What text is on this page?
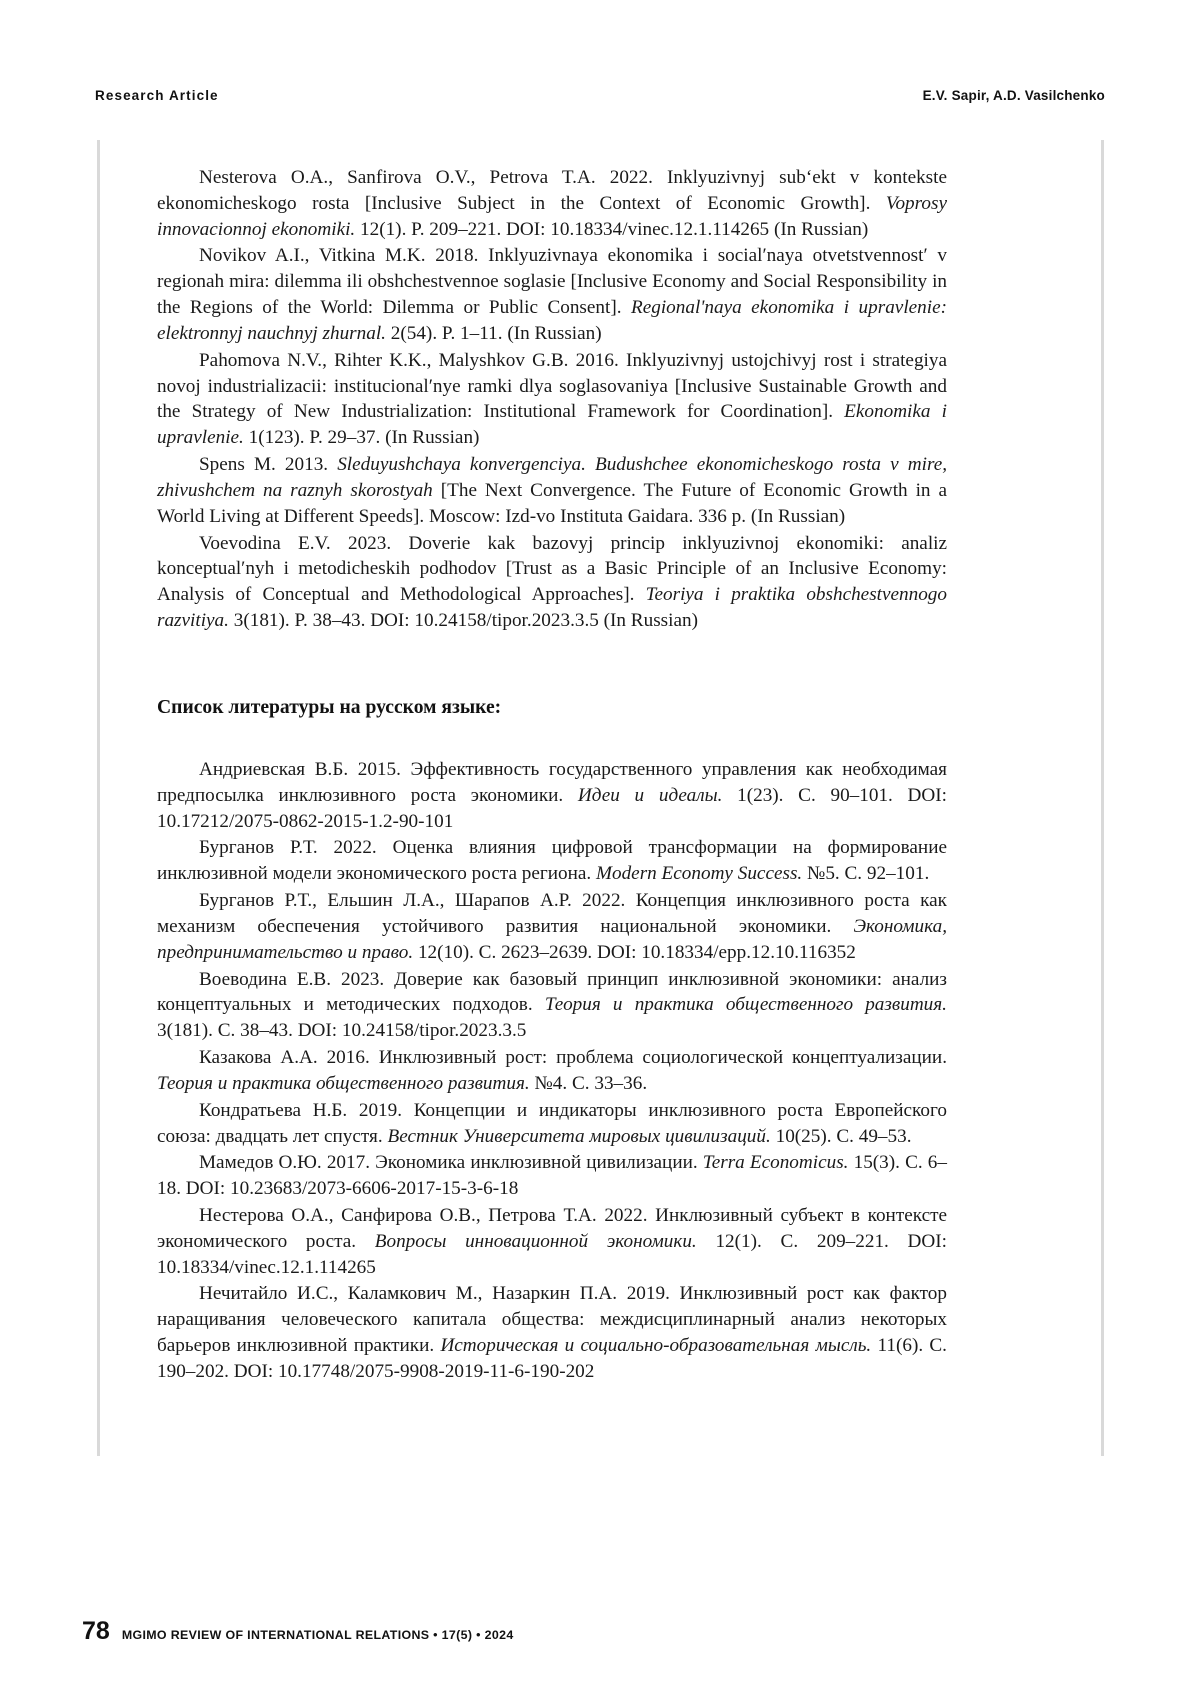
Research Article	E.V. Sapir, A.D. Vasilchenko

Nesterova O.A., Sanfirova O.V., Petrova T.A. 2022. Inklyuzivnyj subʻekt v kontekste ekonomicheskogo rosta [Inclusive Subject in the Context of Economic Growth]. Voprosy innovacionnoj ekonomiki. 12(1). P. 209–221. DOI: 10.18334/vinec.12.1.114265 (In Russian)

Novikov A.I., Vitkina M.K. 2018. Inklyuzivnaya ekonomika i socialʹnaya otvetstvennostʹ v regionah mira: dilemma ili obshchestvennoe soglasie [Inclusive Economy and Social Responsibility in the Regions of the World: Dilemma or Public Consent]. Regionalʹnaya ekonomika i upravlenie: elektronnyj nauchnyj zhurnal. 2(54). P. 1–11. (In Russian)

Pahomova N.V., Rihter K.K., Malyshkov G.B. 2016. Inklyuzivnyj ustojchivyj rost i strategiya novoj industrializacii: institucionalʹnye ramki dlya soglasovaniya [Inclusive Sustainable Growth and the Strategy of New Industrialization: Institutional Framework for Coordination]. Ekonomika i upravlenie. 1(123). P. 29–37. (In Russian)

Spens M. 2013. Sleduyushchaya konvergenciya. Budushchee ekonomicheskogo rosta v mire, zhivushchem na raznyh skorostyah [The Next Convergence. The Future of Economic Growth in a World Living at Different Speeds]. Moscow: Izd-vo Instituta Gaidara. 336 p. (In Russian)

Voevodina E.V. 2023. Doverie kak bazovyj princip inklyuzivnoj ekonomiki: analiz konceptualʹnyh i metodicheskih podhodov [Trust as a Basic Principle of an Inclusive Economy: Analysis of Conceptual and Methodological Approaches]. Teoriya i praktika obshchestvennogo razvitiya. 3(181). P. 38–43. DOI: 10.24158/tipor.2023.3.5 (In Russian)

Список литературы на русском языке:

Андриевская В.Б. 2015. Эффективность государственного управления как необходимая предпосылка инклюзивного роста экономики. Идеи и идеалы. 1(23). С. 90–101. DOI: 10.17212/2075-0862-2015-1.2-90-101

Бурганов Р.Т. 2022. Оценка влияния цифровой трансформации на формирование инклюзивной модели экономического роста региона. Modern Economy Success. №5. С. 92–101.

Бурганов Р.Т., Ельшин Л.А., Шарапов А.Р. 2022. Концепция инклюзивного роста как механизм обеспечения устойчивого развития национальной экономики. Экономика, предпринимательство и право. 12(10). С. 2623–2639. DOI: 10.18334/epp.12.10.116352

Воеводина Е.В. 2023. Доверие как базовый принцип инклюзивной экономики: анализ концептуальных и методических подходов. Теория и практика общественного развития. 3(181). С. 38–43. DOI: 10.24158/tipor.2023.3.5

Казакова А.А. 2016. Инклюзивный рост: проблема социологической концептуализации. Теория и практика общественного развития. №4. С. 33–36.

Кондратьева Н.Б. 2019. Концепции и индикаторы инклюзивного роста Европейского союза: двадцать лет спустя. Вестник Университета мировых цивилизаций. 10(25). С. 49–53.

Мамедов О.Ю. 2017. Экономика инклюзивной цивилизации. Terra Economicus. 15(3). С. 6–18. DOI: 10.23683/2073-6606-2017-15-3-6-18

Нестерова О.А., Санфирова О.В., Петрова Т.А. 2022. Инклюзивный субъект в контексте экономического роста. Вопросы инновационной экономики. 12(1). С. 209–221. DOI: 10.18334/vinec.12.1.114265

Нечитайло И.С., Каламкович М., Назаркин П.А. 2019. Инклюзивный рост как фактор наращивания человеческого капитала общества: междисциплинарный анализ некоторых барьеров инклюзивной практики. Историческая и социально-образовательная мысль. 11(6). С. 190–202. DOI: 10.17748/2075-9908-2019-11-6-190-202

78 MGIMO REVIEW OF INTERNATIONAL RELATIONS • 17(5) • 2024
